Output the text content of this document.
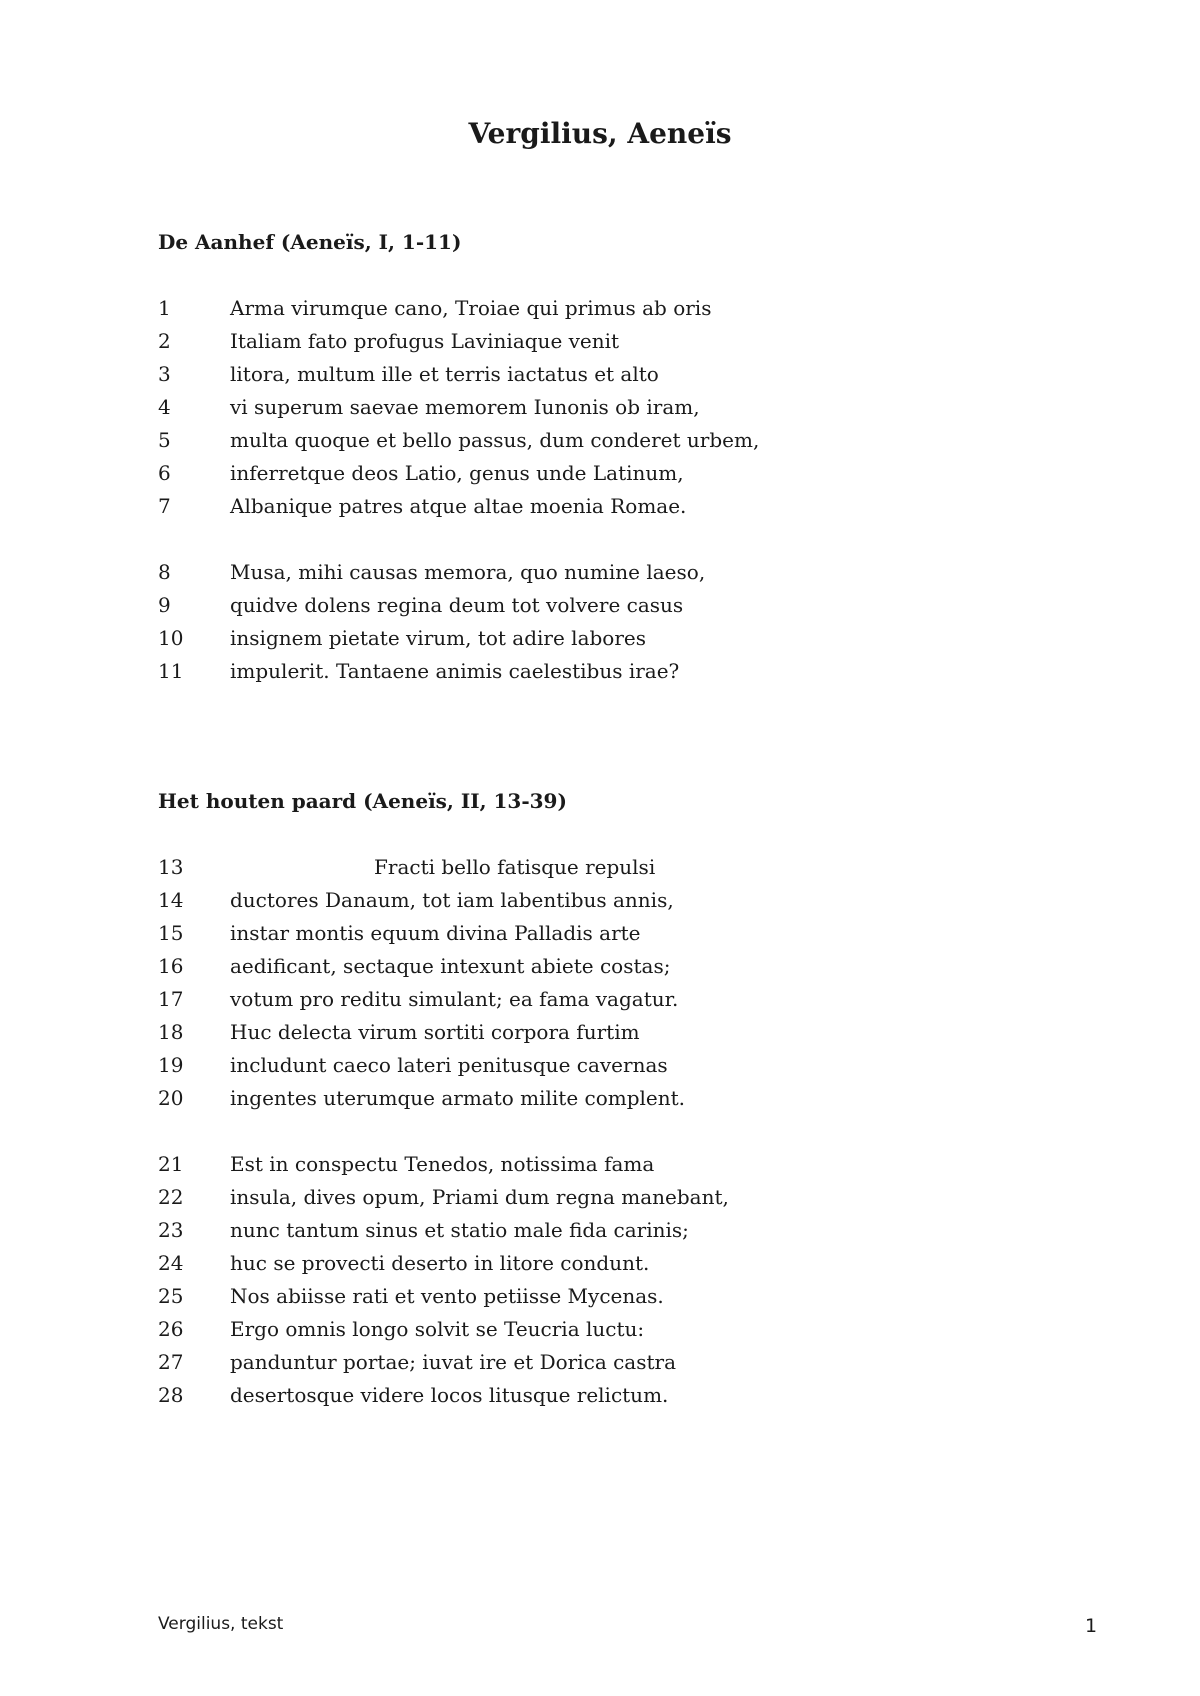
Vergilius, Aeneïs
De Aanhef (Aeneïs, I, 1-11)
1	Arma virumque cano, Troiae qui primus ab oris
2	Italiam fato profugus Laviniaque venit
3	litora, multum ille et terris iactatus et alto
4	vi superum saevae memorem Iunonis ob iram,
5	multa quoque et bello passus, dum conderet urbem,
6	inferretque deos Latio, genus unde Latinum,
7	Albanique patres atque altae moenia Romae.
8	Musa, mihi causas memora, quo numine laeso,
9	quidve dolens regina deum tot volvere casus
10 insignem pietate virum, tot adire labores
11 impulerit. Tantaene animis caelestibus irae?
Het houten paard (Aeneïs, II, 13-39)
13	Fracti bello fatisque repulsi
14 ductores Danaum, tot iam labentibus annis,
15 instar montis equum divina Palladis arte
16 aedificant, sectaque intexunt abiete costas;
17 votum pro reditu simulant; ea fama vagatur.
18 Huc delecta virum sortiti corpora furtim
19 includunt caeco lateri penitusque cavernas
20 ingentes uterumque armato milite complent.
21 Est in conspectu Tenedos, notissima fama
22 insula, dives opum, Priami dum regna manebant,
23 nunc tantum sinus et statio male fida carinis;
24 huc se provecti deserto in litore condunt.
25 Nos abiisse rati et vento petiisse Mycenas.
26 Ergo omnis longo solvit se Teucria luctu:
27 panduntur portae; iuvat ire et Dorica castra
28 desertosque videre locos litusque relictum.
Vergilius, tekst	1
